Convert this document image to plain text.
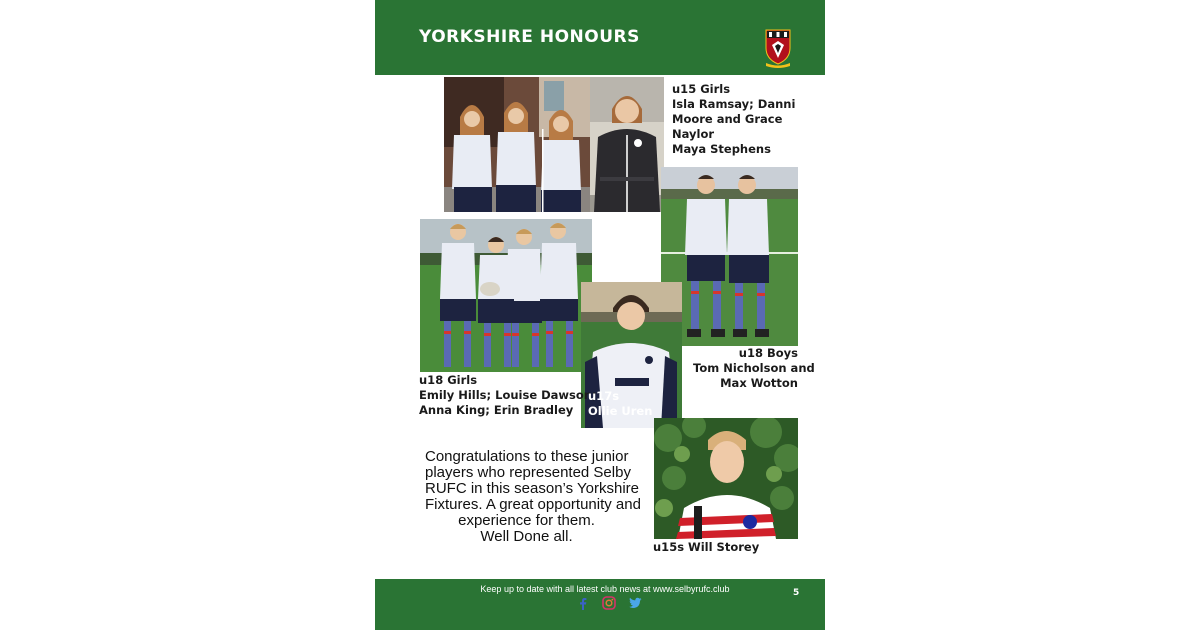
YORKSHIRE HONOURS
u15 Girls
Isla Ramsay; Danni
Moore and Grace
Naylor
Maya Stephens
u18 Boys
Tom Nicholson and
Max Wotton
u18 Girls
Emily Hills; Louise Dawson;
Anna King; Erin Bradley
u17s
Ollie Uren
u15s Will Storey
Congratulations to these junior
players who represented Selby
RUFC in this season’s Yorkshire
Fixtures. A great opportunity and
experience for them.
Well Done all.
Keep up to date with all latest club news at www.selbyrufc.club	5
